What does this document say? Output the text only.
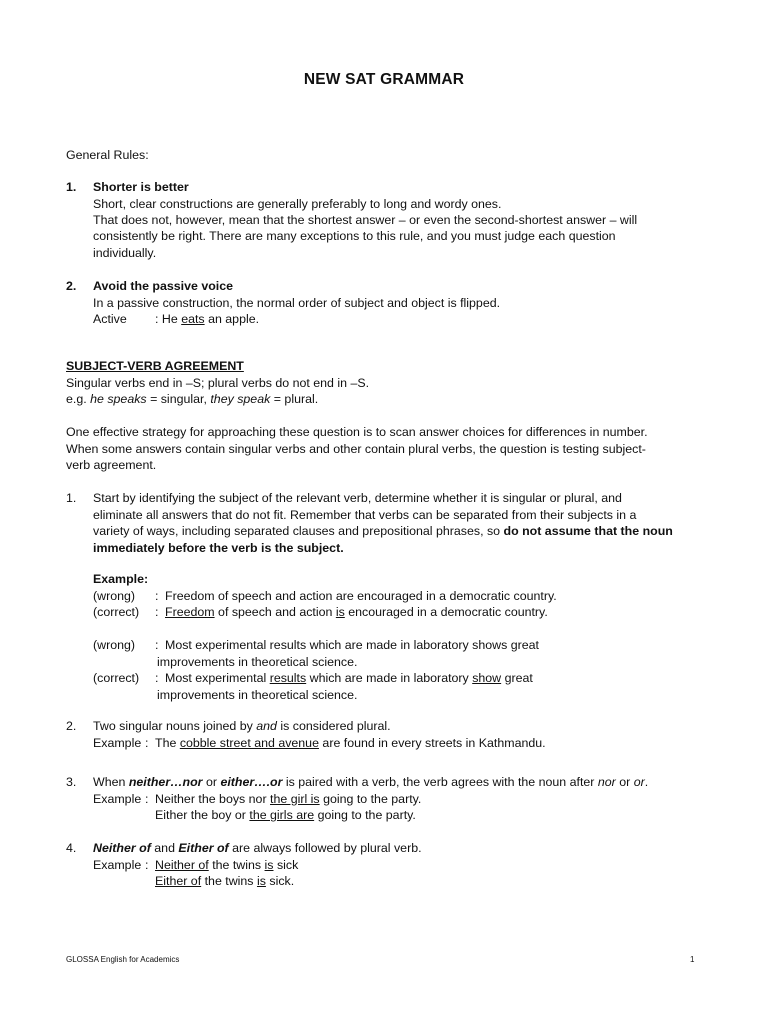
NEW SAT GRAMMAR
General Rules:
1. Shorter is better
Short, clear constructions are generally preferably to long and wordy ones.
That does not, however, mean that the shortest answer – or even the second-shortest answer – will
consistently be right. There are many exceptions to this rule, and you must judge each question
individually.
2. Avoid the passive voice
In a passive construction, the normal order of subject and object is flipped.
Active : He eats an apple.
SUBJECT-VERB AGREEMENT
Singular verbs end in –S; plural verbs do not end in –S.
e.g. he speaks = singular, they speak = plural.
One effective strategy for approaching these question is to scan answer choices for differences in number.
When some answers contain singular verbs and other contain plural verbs, the question is testing subject-
verb agreement.
1. Start by identifying the subject of the relevant verb, determine whether it is singular or plural, and
eliminate all answers that do not fit. Remember that verbs can be separated from their subjects in a
variety of ways, including separated clauses and prepositional phrases, so do not assume that the noun
immediately before the verb is the subject.
Example:
(wrong) : Freedom of speech and action are encouraged in a democratic country.
(correct) : Freedom of speech and action is encouraged in a democratic country.
(wrong) : Most experimental results which are made in laboratory shows great
improvements in theoretical science.
(correct) : Most experimental results which are made in laboratory show great
improvements in theoretical science.
2. Two singular nouns joined by and is considered plural.
Example : The cobble street and avenue are found in every streets in Kathmandu.
3. When neither…nor or either….or is paired with a verb, the verb agrees with the noun after nor or or.
Example : Neither the boys nor the girl is going to the party.
Either the boy or the girls are going to the party.
4. Neither of and Either of are always followed by plural verb.
Example : Neither of the twins is sick
Either of the twins is sick.
GLOSSA English for Academics	1
